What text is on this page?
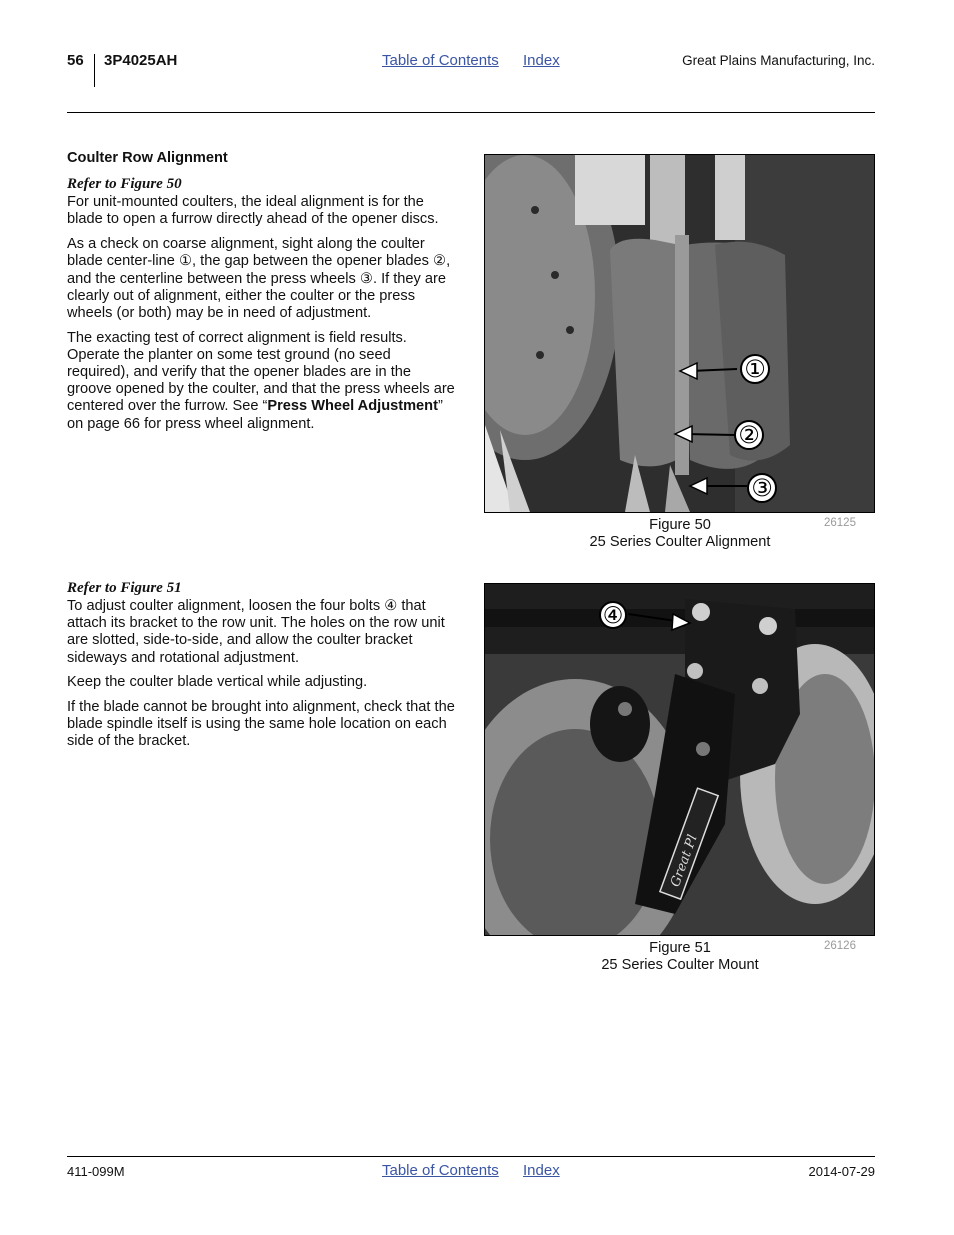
56 3P4025AH	Table of Contents Index	Great Plains Manufacturing, Inc.
Coulter Row Alignment
Refer to Figure 50

For unit-mounted coulters, the ideal alignment is for the blade to open a furrow directly ahead of the opener discs.

As a check on coarse alignment, sight along the coulter blade center-line ①, the gap between the opener blades ②, and the centerline between the press wheels ③. If they are clearly out of alignment, either the coulter or the press wheels (or both) may be in need of adjustment.

The exacting test of correct alignment is field results. Operate the planter on some test ground (no seed required), and verify that the opener blades are in the groove opened by the coulter, and that the press wheels are centered over the furrow. See “Press Wheel Adjustment” on page 66 for press wheel alignment.

Refer to Figure 51

To adjust coulter alignment, loosen the four bolts ④ that attach its bracket to the row unit. The holes on the row unit are slotted, side-to-side, and allow the coulter bracket sideways and rotational adjustment.

Keep the coulter blade vertical while adjusting.

If the blade cannot be brought into alignment, check that the blade spindle itself is using the same hole location on each side of the bracket.

①
②
③
Figure 50
25 Series Coulter Alignment
26125
Great Pl
④
Figure 51
25 Series Coulter Mount
26126
411-099M	Table of Contents Index	2014-07-29
